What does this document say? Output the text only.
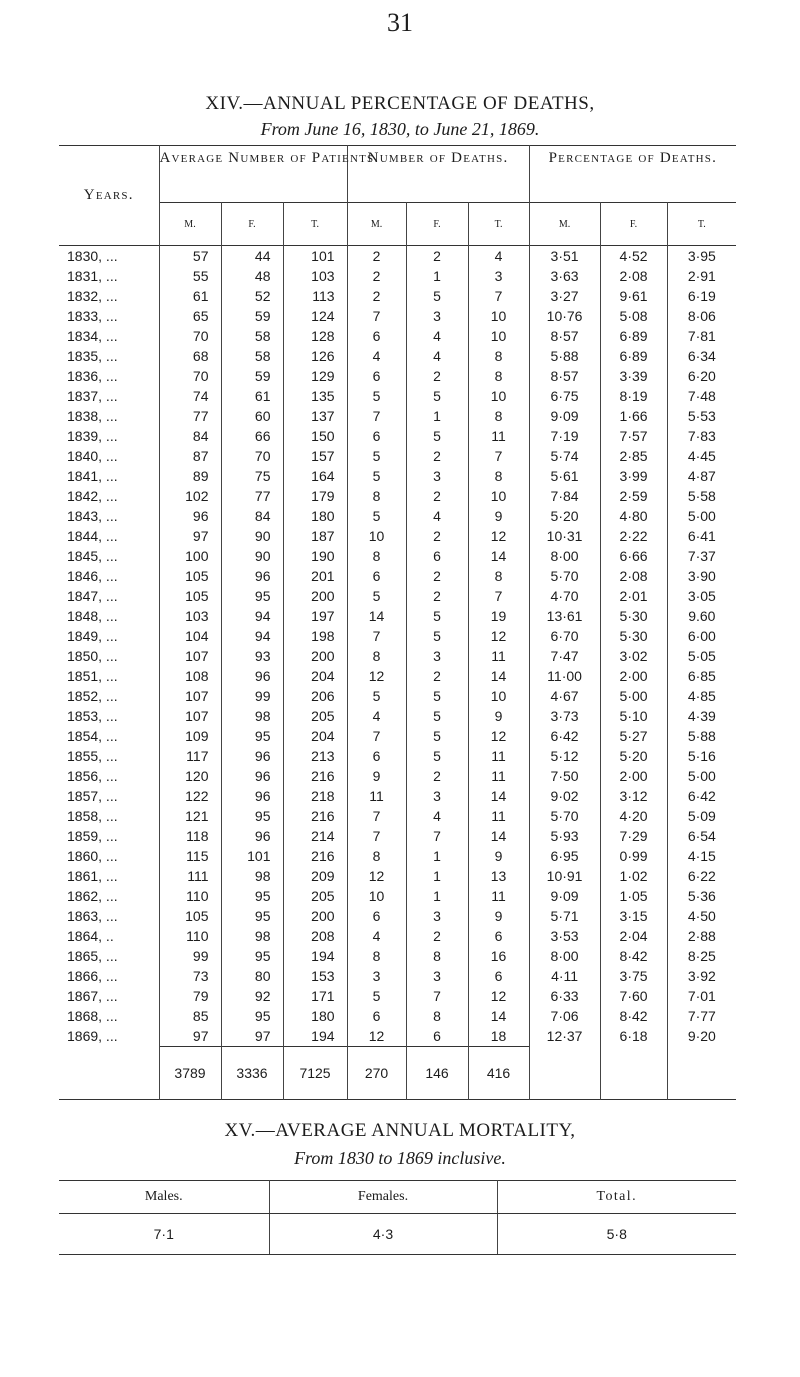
31
XIV.—ANNUAL PERCENTAGE OF DEATHS,
From June 16, 1830, to June 21, 1869.
Years.	Average Number of Patients.			Number of Deaths.			Percentage of Deaths.		
	M.	F.	T.	M.	F.	T.	M.	F.	T.
1830, ...	57	44	101	2	2	4	3·51	4·52	3·95
1831, ...	55	48	103	2	1	3	3·63	2·08	2·91
1832, ...	61	52	113	2	5	7	3·27	9·61	6·19
1833, ...	65	59	124	7	3	10	10·76	5·08	8·06
1834, ...	70	58	128	6	4	10	8·57	6·89	7·81
1835, ...	68	58	126	4	4	8	5·88	6·89	6·34
1836, ...	70	59	129	6	2	8	8·57	3·39	6·20
1837, ...	74	61	135	5	5	10	6·75	8·19	7·48
1838, ...	77	60	137	7	1	8	9·09	1·66	5·53
1839, ...	84	66	150	6	5	11	7·19	7·57	7·83
1840, ...	87	70	157	5	2	7	5·74	2·85	4·45
1841, ...	89	75	164	5	3	8	5·61	3·99	4·87
1842, ...	102	77	179	8	2	10	7·84	2·59	5·58
1843, ...	96	84	180	5	4	9	5·20	4·80	5·00
1844, ...	97	90	187	10	2	12	10·31	2·22	6·41
1845, ...	100	90	190	8	6	14	8·00	6·66	7·37
1846, ...	105	96	201	6	2	8	5·70	2·08	3·90
1847, ...	105	95	200	5	2	7	4·70	2·01	3·05
1848, ...	103	94	197	14	5	19	13·61	5·30	9.60
1849, ...	104	94	198	7	5	12	6·70	5·30	6·00
1850, ...	107	93	200	8	3	11	7·47	3·02	5·05
1851, ...	108	96	204	12	2	14	11·00	2·00	6·85
1852, ...	107	99	206	5	5	10	4·67	5·00	4·85
1853, ...	107	98	205	4	5	9	3·73	5·10	4·39
1854, ...	109	95	204	7	5	12	6·42	5·27	5·88
1855, ...	117	96	213	6	5	11	5·12	5·20	5·16
1856, ...	120	96	216	9	2	11	7·50	2·00	5·00
1857, ...	122	96	218	11	3	14	9·02	3·12	6·42
1858, ...	121	95	216	7	4	11	5·70	4·20	5·09
1859, ...	118	96	214	7	7	14	5·93	7·29	6·54
1860, ...	115	101	216	8	1	9	6·95	0·99	4·15
1861, ...	111	98	209	12	1	13	10·91	1·02	6·22
1862, ...	110	95	205	10	1	11	9·09	1·05	5·36
1863, ...	105	95	200	6	3	9	5·71	3·15	4·50
1864, ..	110	98	208	4	2	6	3·53	2·04	2·88
1865, ...	99	95	194	8	8	16	8·00	8·42	8·25
1866, ...	73	80	153	3	3	6	4·11	3·75	3·92
1867, ...	79	92	171	5	7	12	6·33	7·60	7·01
1868, ...	85	95	180	6	8	14	7·06	8·42	7·77
1869, ...	97	97	194	12	6	18	12·37	6·18	9·20
	3789	3336	7125	270	146	416			
XV.—AVERAGE ANNUAL MORTALITY,
From 1830 to 1869 inclusive.
Males.	Females.	Total.
7·1	4·3	5·8
